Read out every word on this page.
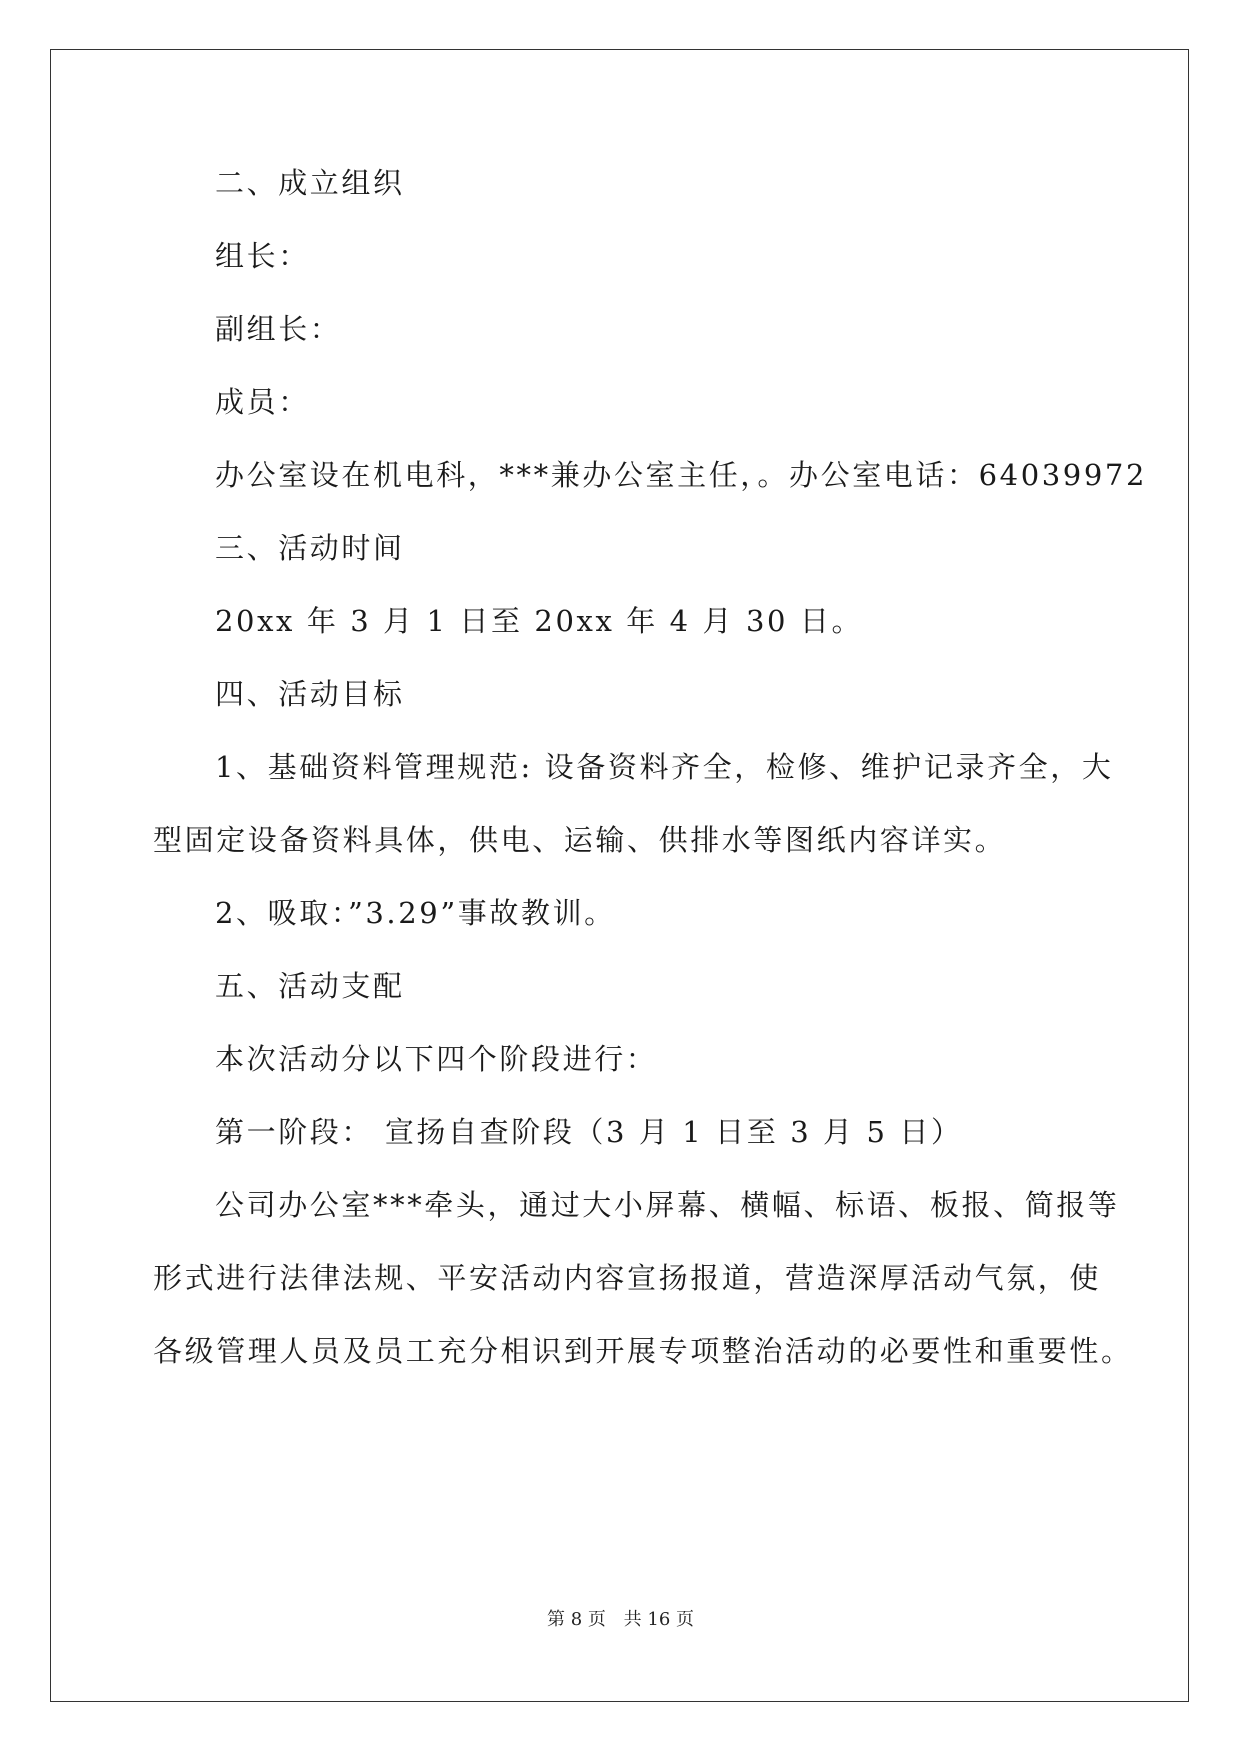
二、成立组织
组长：
副组长：
成员：
办公室设在机电科，***兼办公室主任，。办公室电话：64039972
三、活动时间
20xx 年 3 月 1 日至 20xx 年 4 月 30 日。
四、活动目标
1、基础资料管理规范: 设备资料齐全，检修、维护记录齐全，大
型固定设备资料具体，供电、运输、供排水等图纸内容详实。
2、吸取：”3.29”事故教训。
五、活动支配
本次活动分以下四个阶段进行：
第一阶段： 宣扬自查阶段（3 月 1 日至 3 月 5 日）
公司办公室***牵头，通过大小屏幕、横幅、标语、板报、简报等
形式进行法律法规、平安活动内容宣扬报道，营造深厚活动气氛，使
各级管理人员及员工充分相识到开展专项整治活动的必要性和重要性。
第 8 页 共 16 页
